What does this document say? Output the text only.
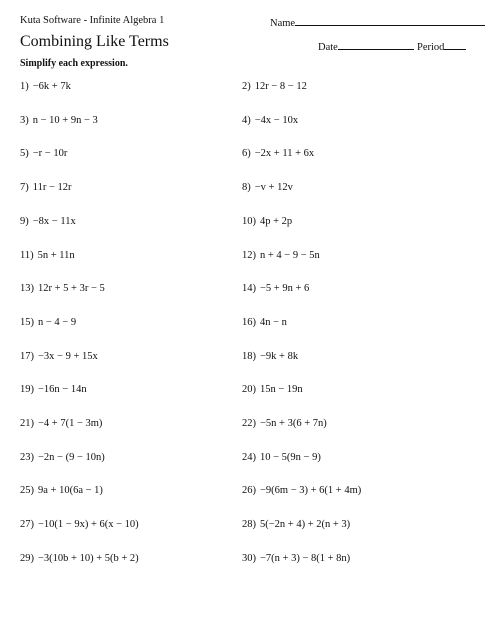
Kuta Software - Infinite Algebra 1	Name
Combining Like Terms	Date	Period
Simplify each expression.
1) −6k + 7k	2) 12r − 8 − 12
3) n − 10 + 9n − 3	4) −4x − 10x
5) −r − 10r	6) −2x + 11 + 6x
7) 11r − 12r	8) −v + 12v
9) −8x − 11x	10) 4p + 2p
11) 5n + 11n	12) n + 4 − 9 − 5n
13) 12r + 5 + 3r − 5	14) −5 + 9n + 6
15) n − 4 − 9	16) 4n − n
17) −3x − 9 + 15x	18) −9k + 8k
19) −16n − 14n	20) 15n − 19n
21) −4 + 7(1 − 3m)	22) −5n + 3(6 + 7n)
23) −2n − (9 − 10n)	24) 10 − 5(9n − 9)
25) 9a + 10(6a − 1)	26) −9(6m − 3) + 6(1 + 4m)
27) −10(1 − 9x) + 6(x − 10)	28) 5(−2n + 4) + 2(n + 3)
29) −3(10b + 10) + 5(b + 2)	30) −7(n + 3) − 8(1 + 8n)
